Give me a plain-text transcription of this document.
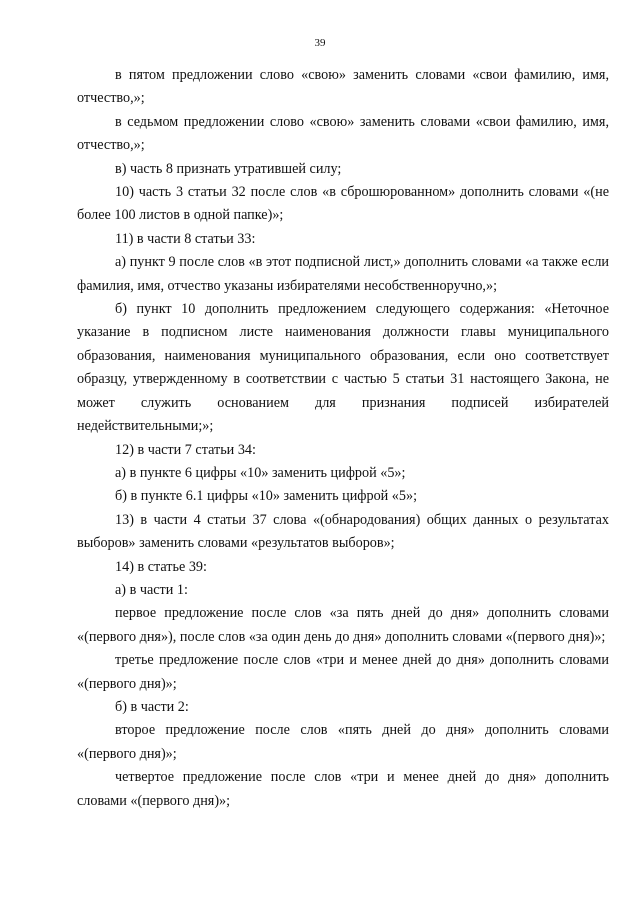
39

в пятом предложении слово «свою» заменить словами «свои фамилию, имя, отчество,»;

в седьмом предложении слово «свою» заменить словами «свои фамилию, имя, отчество,»;

в) часть 8 признать утратившей силу;

10) часть 3 статьи 32 после слов «в сброшюрованном» дополнить словами «(не более 100 листов в одной папке)»;

11) в части 8 статьи 33:

а) пункт 9 после слов «в этот подписной лист,» дополнить словами «а также если фамилия, имя, отчество указаны избирателями несобственноручно,»;

б) пункт 10 дополнить предложением следующего содержания: «Неточное указание в подписном листе наименования должности главы муниципального образования, наименования муниципального образования, если оно соответствует образцу, утвержденному в соответствии с частью 5 статьи 31 настоящего Закона, не может служить основанием для признания подписей избирателей недействительными;»;

12) в части 7 статьи 34:

а) в пункте 6 цифры «10» заменить цифрой «5»;

б) в пункте 6.1 цифры «10» заменить цифрой «5»;

13) в части 4 статьи 37 слова «(обнародования) общих данных о результатах выборов» заменить словами «результатов выборов»;

14) в статье 39:

а) в части 1:

первое предложение после слов «за пять дней до дня» дополнить словами «(первого дня»), после слов «за один день до дня» дополнить словами «(первого дня)»;

третье предложение после слов «три и менее дней до дня» дополнить словами «(первого дня)»;

б) в части 2:

второе предложение после слов «пять дней до дня» дополнить словами «(первого дня)»;

четвертое предложение после слов «три и менее дней до дня» дополнить словами «(первого дня)»;
